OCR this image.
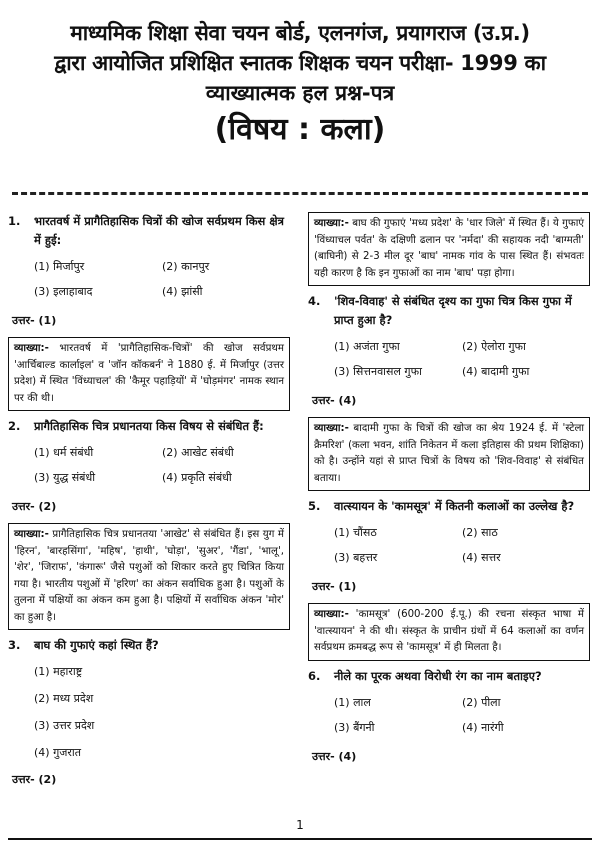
माध्यमिक शिक्षा सेवा चयन बोर्ड, एलनगंज, प्रयागराज (उ.प्र.)
द्वारा आयोजित प्रशिक्षित स्नातक शिक्षक चयन परीक्षा- 1999 का
व्याख्यात्मक हल प्रश्न-पत्र
(विषय : कला)
1.	भारतवर्ष में प्रागैतिहासिक चित्रों की खोज सर्वप्रथम किस क्षेत्र में हुई:
(1) मिर्जापुर	(2) कानपुर
(3) इलाहाबाद	(4) झांसी
उत्तर- (1)
व्याख्या:- भारतवर्ष में 'प्रागैतिहासिक-चित्रों' की खोज सर्वप्रथम 'आर्चिबाल्ड कार्लाइल' व 'जॉन कॉकबर्न' ने 1880 ई. में मिर्जापुर (उत्तर प्रदेश) में स्थित 'विंध्याचल' की 'कैमूर पहाड़ियों' में 'घोड़मंगर' नामक स्थान पर की थी।
2.	प्रागैतिहासिक चित्र प्रधानतया किस विषय से संबंधित हैं:
(1) धर्म संबंधी	(2) आखेट संबंधी
(3) युद्ध संबंधी	(4) प्रकृति संबंधी
उत्तर- (2)
व्याख्या:- प्रागैतिहासिक चित्र प्रधानतया 'आखेट' से संबंधित हैं। इस युग में 'हिरन', 'बारहसिंगा', 'महिष', 'हाथी', 'घोड़ा', 'सुअर', 'गैंडा', 'भालू', 'शेर', 'जिराफ', 'कंगारू' जैसे पशुओं को शिकार करते हुए चित्रित किया गया है। भारतीय पशुओं में 'हरिण' का अंकन सर्वाधिक हुआ है। पशुओं के तुलना में पक्षियों का अंकन कम हुआ है। पक्षियों में सर्वाधिक अंकन 'मोर' का हुआ है।
3.	बाघ की गुफाएं कहां स्थित हैं?
(1) महाराष्ट्र
(2) मध्य प्रदेश
(3) उत्तर प्रदेश
(4) गुजरात
उत्तर- (2)
व्याख्या:- बाघ की गुफाएं 'मध्य प्रदेश' के 'धार जिले' में स्थित हैं। ये गुफाएं 'विंध्याचल पर्वत' के दक्षिणी ढलान पर 'नर्मदा' की सहायक नदी 'बाग्मती' (बाघिनी) से 2-3 मील दूर 'बाघ' नामक गांव के पास स्थित हैं। संभवतः यही कारण है कि इन गुफाओं का नाम 'बाघ' पड़ा होगा।
4.	'शिव-विवाह' से संबंधित दृश्य का गुफा चित्र किस गुफा में प्राप्त हुआ है?
(1) अजंता गुफा	(2) ऐलोरा गुफा
(3) सित्तनवासल गुफा	(4) बादामी गुफा
उत्तर- (4)
व्याख्या:- बादामी गुफा के चित्रों की खोज का श्रेय 1924 ई. में 'स्टेला क्रैमरिश' (कला भवन, शांति निकेतन में कला इतिहास की प्रथम शिक्षिका) को है। उन्होंने यहां से प्राप्त चित्रों के विषय को 'शिव-विवाह' से संबंधित बताया।
5.	वात्स्यायन के 'कामसूत्र' में कितनी कलाओं का उल्लेख है?
(1) चौंसठ	(2) साठ
(3) बहत्तर	(4) सत्तर
उत्तर- (1)
व्याख्या:- 'कामसूत्र' (600-200 ई.पू.) की रचना संस्कृत भाषा में 'वात्स्यायन' ने की थी। संस्कृत के प्राचीन ग्रंथों में 64 कलाओं का वर्णन सर्वप्रथम क्रमबद्ध रूप से 'कामसूत्र' में ही मिलता है।
6.	नीले का पूरक अथवा विरोधी रंग का नाम बताइए?
(1) लाल	(2) पीला
(3) बैंगनी	(4) नारंगी
उत्तर- (4)
1
